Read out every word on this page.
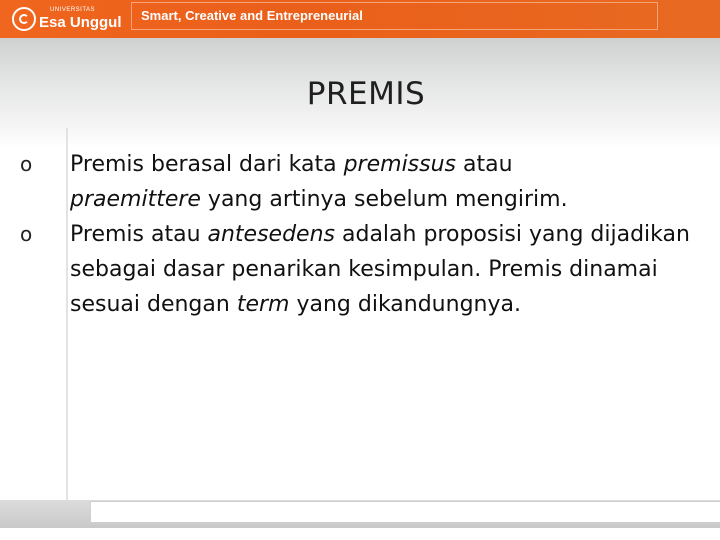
UNIVERSITAS
Esa Unggul Smart, Creative and Entrepreneurial
PREMIS
o Premis berasal dari kata premissus atau
praemittere yang artinya sebelum mengirim.
o Premis atau antesedens adalah proposisi yang dijadikan sebagai dasar penarikan kesimpulan. Premis dinamai sesuai dengan term yang dikandungnya.
